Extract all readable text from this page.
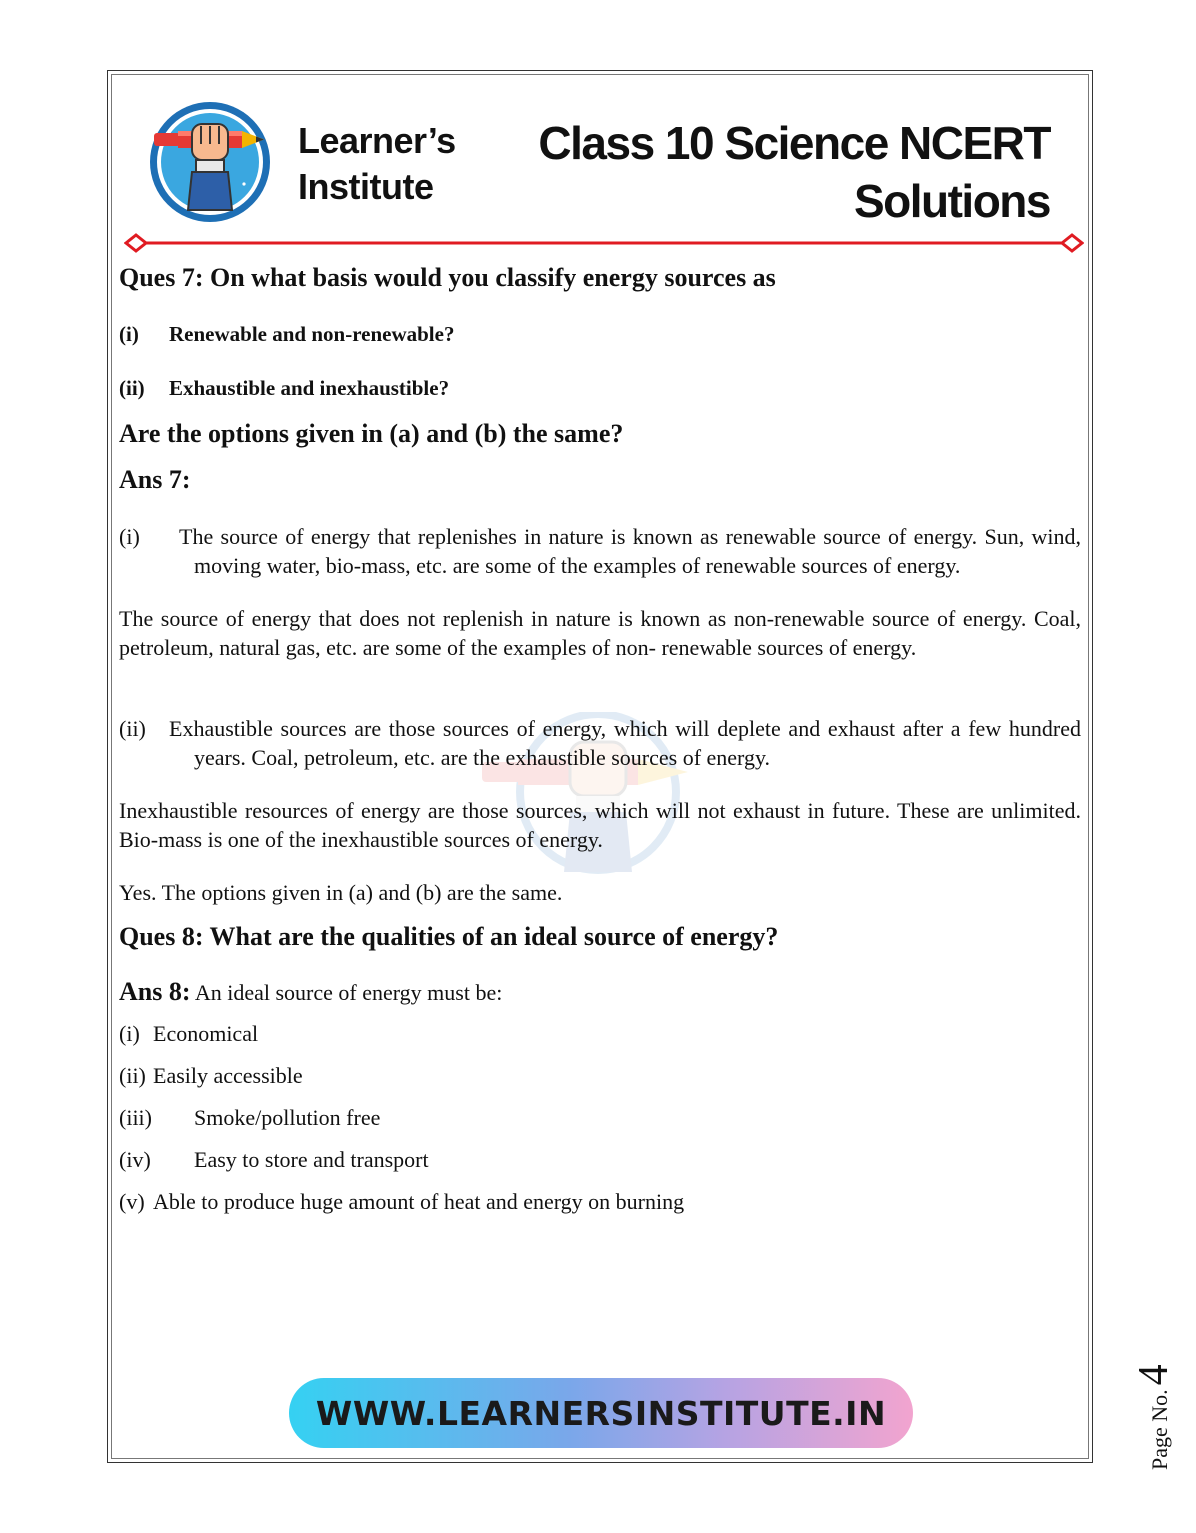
Learner’s
Institute
Class 10 Science NCERT
Solutions
Ques 7: On what basis would you classify energy sources as
(i)	Renewable and non-renewable?
(ii)	Exhaustible and inexhaustible?
Are the options given in (a) and (b) the same?
Ans 7:

(i) The source of energy that replenishes in nature is known as renewable source of energy. Sun, wind, moving water, bio-mass, etc. are some of the examples of renewable sources of energy.

The source of energy that does not replenish in nature is known as non-renewable source of energy. Coal, petroleum, natural gas, etc. are some of the examples of non- renewable sources of energy.

(ii) Exhaustible sources are those sources of energy, which will deplete and exhaust after a few hundred years. Coal, petroleum, etc. are the exhaustible sources of energy.

Inexhaustible resources of energy are those sources, which will not exhaust in future. These are unlimited. Bio-mass is one of the inexhaustible sources of energy.

Yes. The options given in (a) and (b) are the same.

Ques 8: What are the qualities of an ideal source of energy?

Ans 8: An ideal source of energy must be:

(i) Economical
(ii) Easily accessible
(iii)	Smoke/pollution free
(iv)	Easy to store and transport
(v) Able to produce huge amount of heat and energy on burning
WWW.LEARNERSINSTITUTE.IN	Page No.4
